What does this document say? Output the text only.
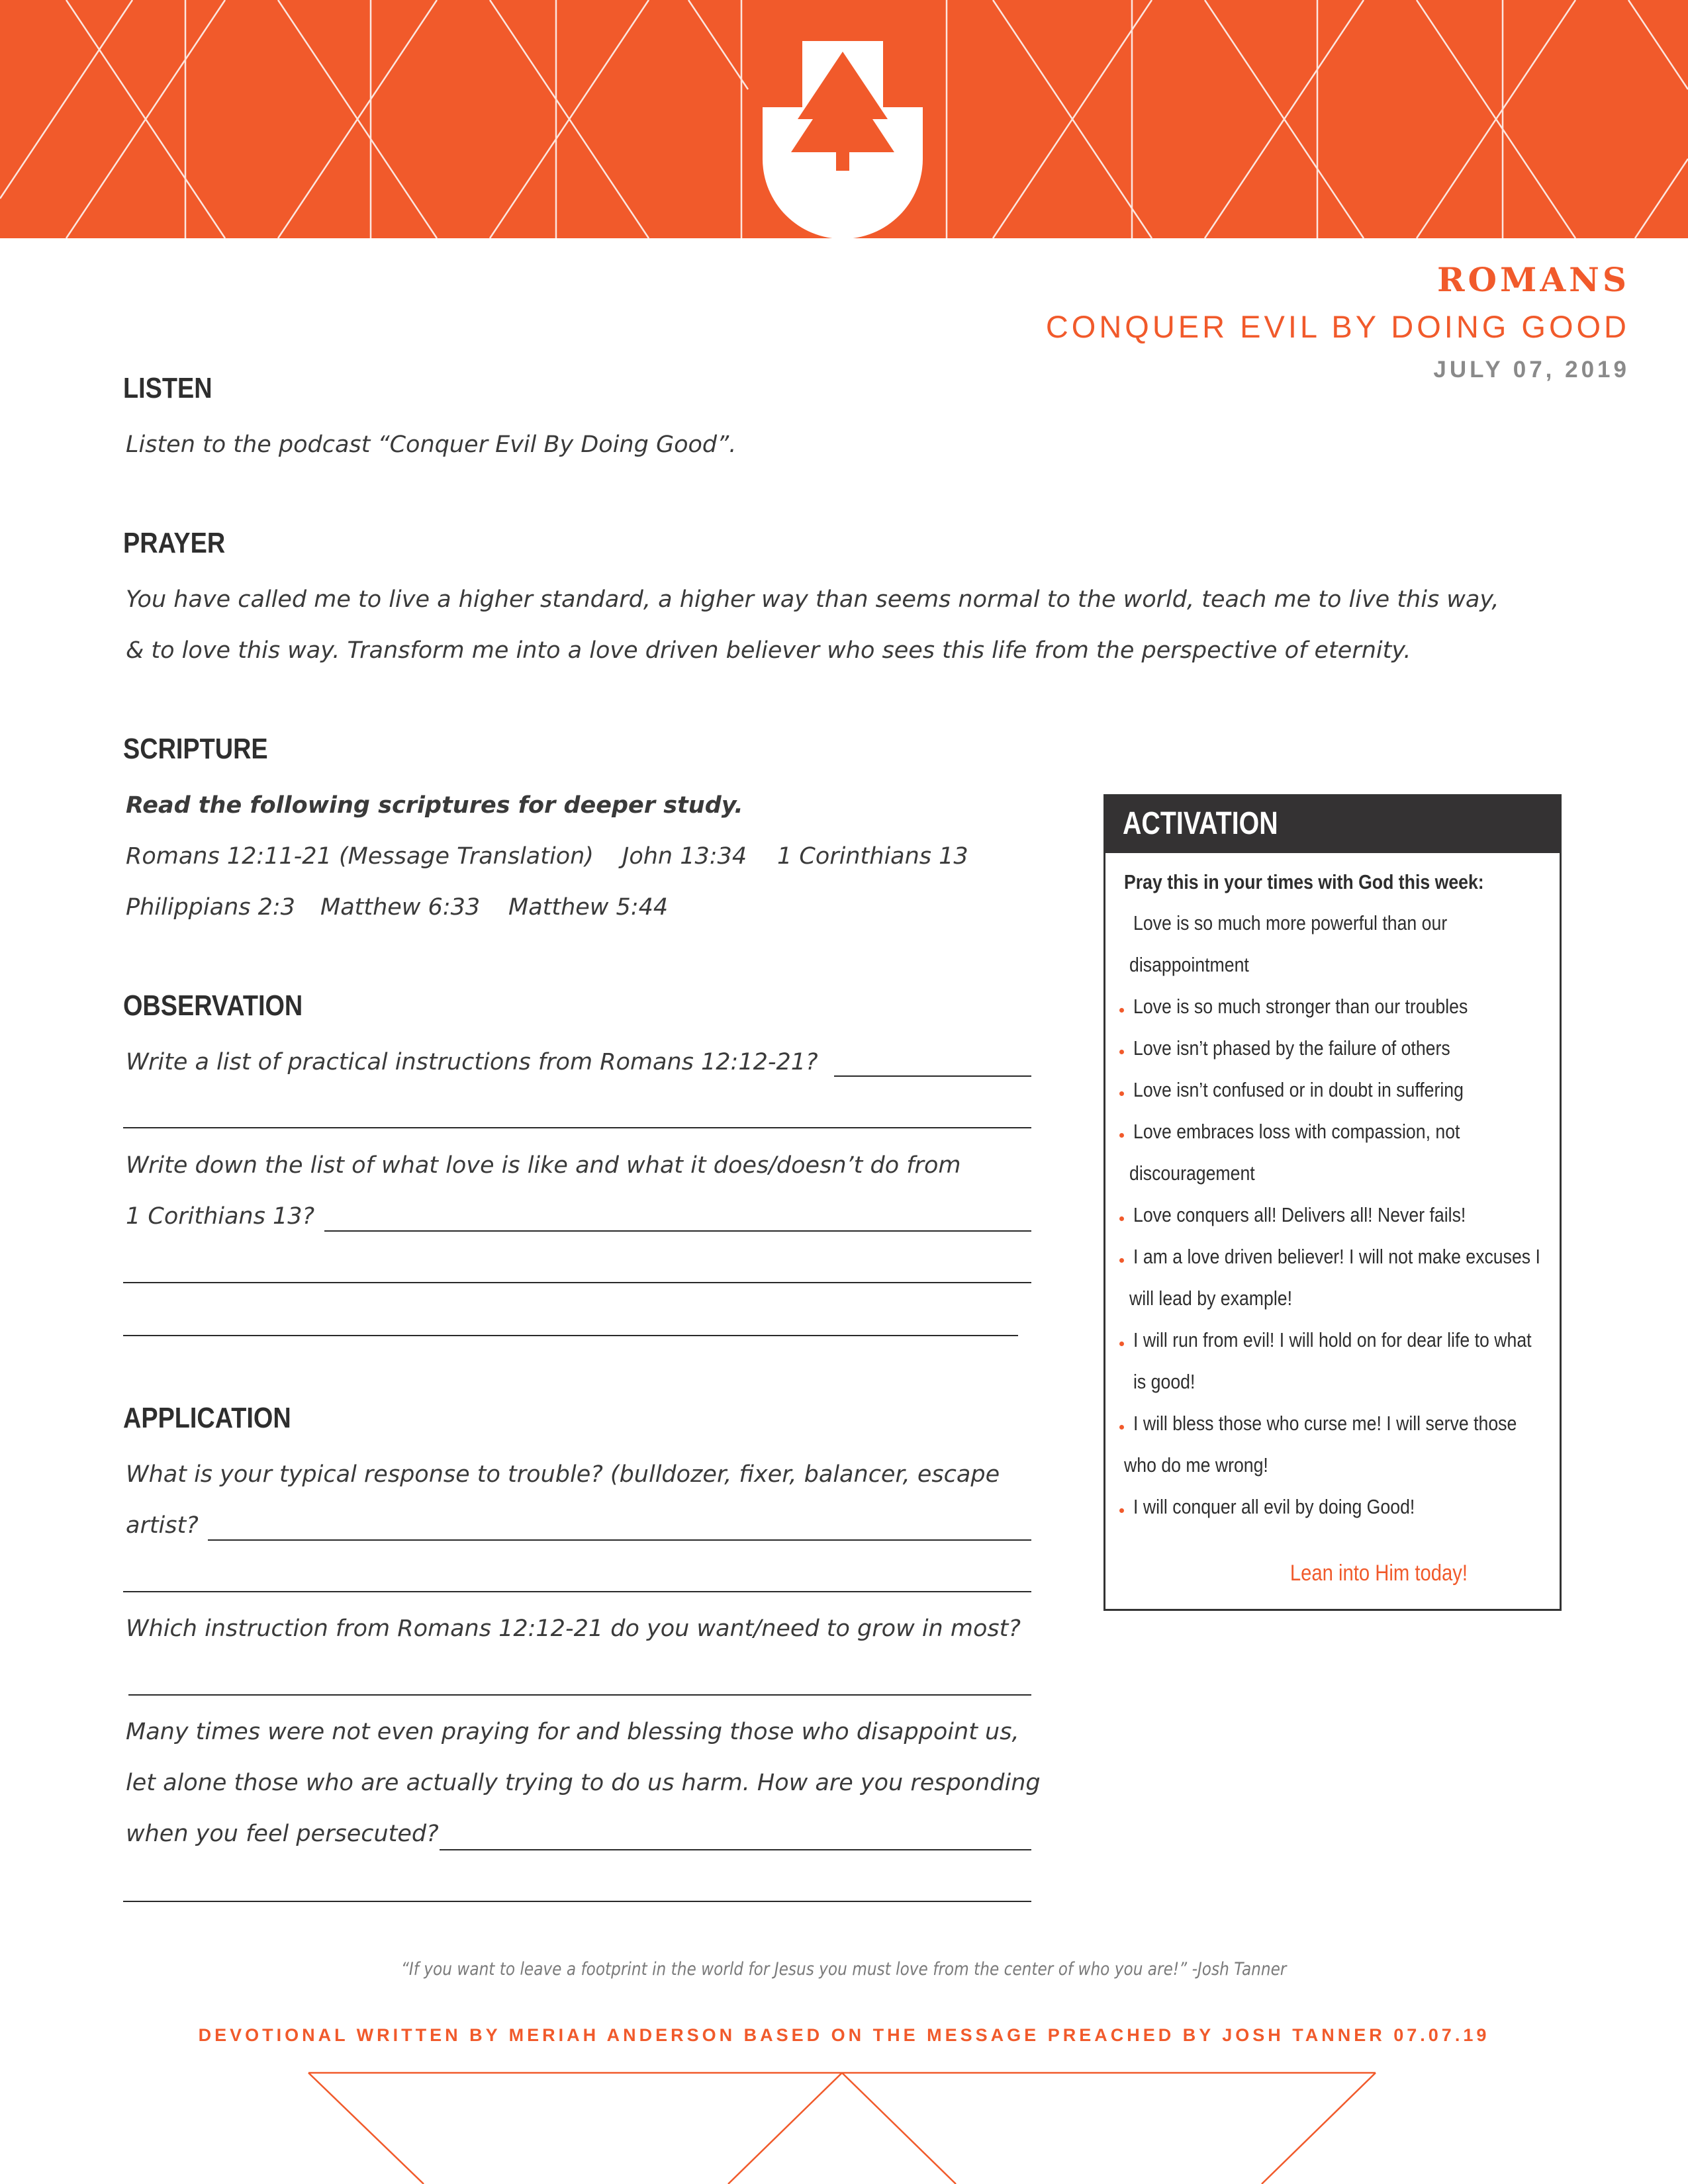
ROMANS
CONQUER EVIL BY DOING GOOD
JULY 07, 2019
LISTEN
Listen to the podcast “Conquer Evil By Doing Good”.
PRAYER
You have called me to live a higher standard, a higher way than seems normal to the world, teach me to live this way,
& to love this way. Transform me into a love driven believer who sees this life from the perspective of eternity.
SCRIPTURE
Read the following scriptures for deeper study.
Romans 12:11-21 (Message Translation) John 13:34 1 Corinthians 13
Philippians 2:3 Matthew 6:33 Matthew 5:44
OBSERVATION
Write a list of practical instructions from Romans 12:12-21?
Write down the list of what love is like and what it does/doesn’t do from
1 Corithians 13?
APPLICATION
What is your typical response to trouble? (bulldozer, fixer, balancer, escape
artist?
Which instruction from Romans 12:12-21 do you want/need to grow in most?
Many times were not even praying for and blessing those who disappoint us,
let alone those who are actually trying to do us harm. How are you responding
when you feel persecuted?
ACTIVATION
Pray this in your times with God this week:
Love is so much more powerful than our
disappointment
Love is so much stronger than our troubles
Love isn’t phased by the failure of others
Love isn’t confused or in doubt in suffering
Love embraces loss with compassion, not
discouragement
Love conquers all! Delivers all! Never fails!
I am a love driven believer! I will not make excuses I
will lead by example!
I will run from evil! I will hold on for dear life to what
is good!
I will bless those who curse me! I will serve those
who do me wrong!
I will conquer all evil by doing Good!
Lean into Him today!
“If you want to leave a footprint in the world for Jesus you must love from the center of who you are!” -Josh Tanner
DEVOTIONAL WRITTEN BY MERIAH ANDERSON BASED ON THE MESSAGE PREACHED BY JOSH TANNER 07.07.19
